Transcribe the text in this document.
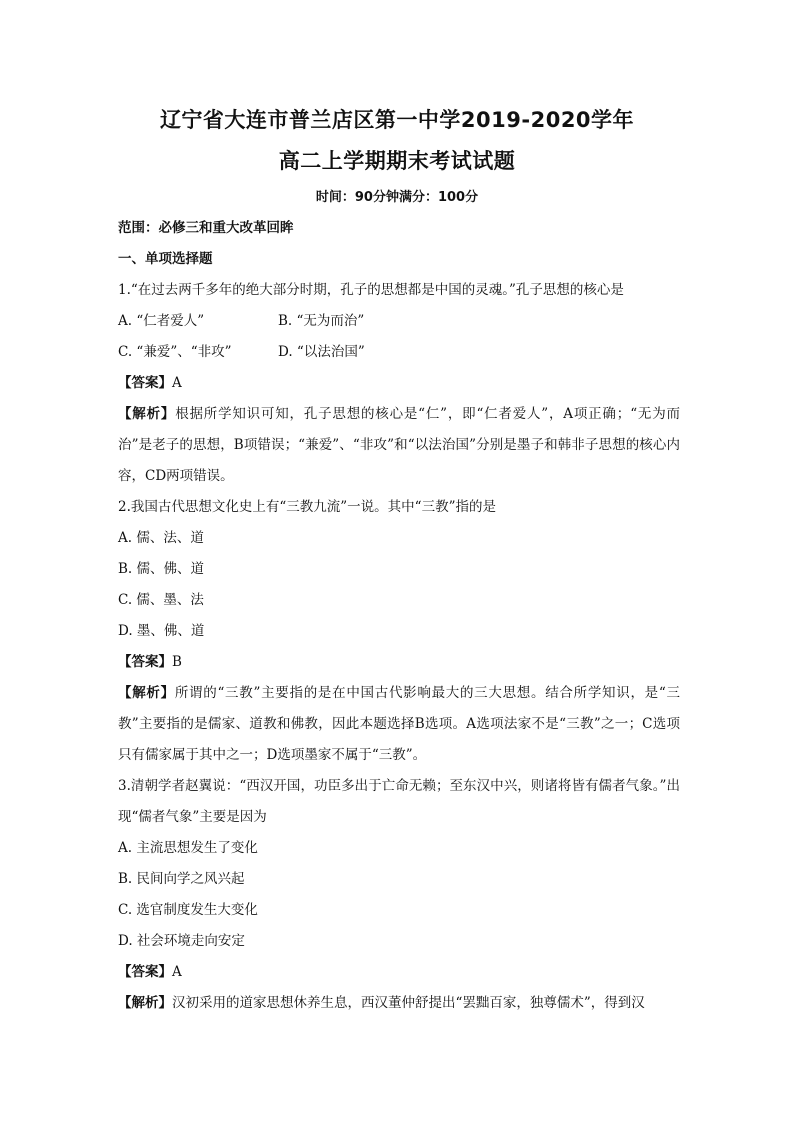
辽宁省大连市普兰店区第一中学2019-2020学年
高二上学期期末考试试题
时间：90分钟满分：100分
范围：必修三和重大改革回眸
一、单项选择题
1.“在过去两千多年的绝大部分时期，孔子的思想都是中国的灵魂。”孔子思想的核心是
A. “仁者爱人”	B. “无为而治”
C. “兼爱”、“非攻”	D. “以法治国”
【答案】A
【解析】根据所学知识可知，孔子思想的核心是“仁”，即“仁者爱人”，A项正确；“无为而治”是老子的思想，B项错误；“兼爱”、“非攻”和“以法治国”分别是墨子和韩非子思想的核心内容，CD两项错误。
2.我国古代思想文化史上有“三教九流”一说。其中“三教”指的是
A. 儒、法、道
B. 儒、佛、道
C. 儒、墨、法
D. 墨、佛、道
【答案】B
【解析】所谓的“三教”主要指的是在中国古代影响最大的三大思想。结合所学知识，是“三教”主要指的是儒家、道教和佛教，因此本题选择B选项。A选项法家不是“三教”之一；C选项只有儒家属于其中之一；D选项墨家不属于“三教”。
3.清朝学者赵翼说：“西汉开国，功臣多出于亡命无赖；至东汉中兴，则诸将皆有儒者气象。”出现“儒者气象”主要是因为
A. 主流思想发生了变化
B. 民间向学之风兴起
C. 选官制度发生大变化
D. 社会环境走向安定
【答案】A
【解析】汉初采用的道家思想休养生息，西汉董仲舒提出“罢黜百家，独尊儒术”，得到汉
